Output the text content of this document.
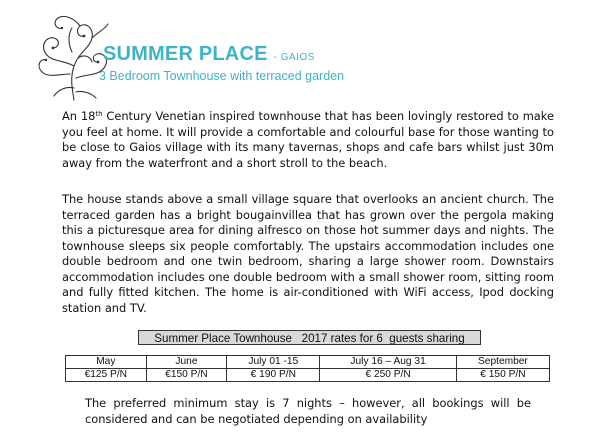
SUMMER PLACE - GAIOS
3 Bedroom Townhouse with terraced garden
An 18th Century Venetian inspired townhouse that has been lovingly restored to make you feel at home. It will provide a comfortable and colourful base for those wanting to be close to Gaios village with its many tavernas, shops and cafe bars whilst just 30m away from the waterfront and a short stroll to the beach.
The house stands above a small village square that overlooks an ancient church. The terraced garden has a bright bougainvillea that has grown over the pergola making this a picturesque area for dining alfresco on those hot summer days and nights. The townhouse sleeps six people comfortably. The upstairs accommodation includes one double bedroom and one twin bedroom, sharing a large shower room. Downstairs accommodation includes one double bedroom with a small shower room, sitting room and fully fitted kitchen. The home is air-conditioned with WiFi access, Ipod docking station and TV.
Summer Place Townhouse   2017 rates for 6  guests sharing
May	June	July 01 -15	July 16 – Aug 31	September
€125 P/N	€150 P/N	€ 190 P/N	€ 250 P/N	€ 150 P/N
The preferred minimum stay is 7 nights – however, all bookings will be considered and can be negotiated depending on availability
